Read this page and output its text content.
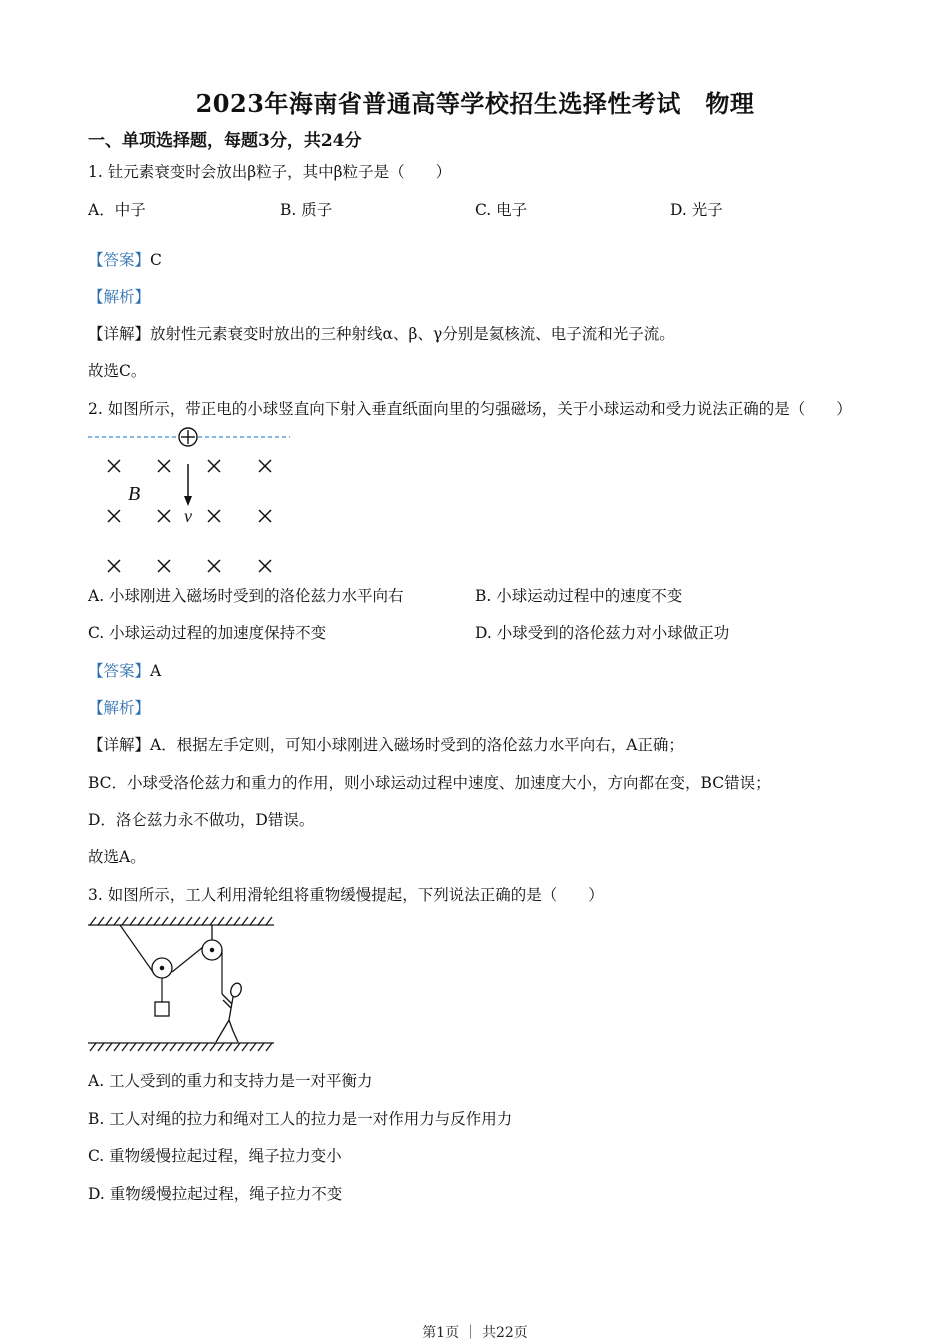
2023年海南省普通高等学校招生选择性考试　物理
一、单项选择题，每题3分，共24分
1. 钍元素衰变时会放出β粒子，其中β粒子是（　　）
A．中子	B. 质子	C. 电子	D. 光子
【答案】C
【解析】
【详解】放射性元素衰变时放出的三种射线α、β、γ分别是氦核流、电子流和光子流。
故选C。
2. 如图所示，带正电的小球竖直向下射入垂直纸面向里的匀强磁场，关于小球运动和受力说法正确的是（　　）
B
v
A. 小球刚进入磁场时受到的洛伦兹力水平向右	B. 小球运动过程中的速度不变
C. 小球运动过程的加速度保持不变	D. 小球受到的洛伦兹力对小球做正功
【答案】A
【解析】
【详解】A．根据左手定则，可知小球刚进入磁场时受到的洛伦兹力水平向右，A正确；
BC．小球受洛伦兹力和重力的作用，则小球运动过程中速度、加速度大小，方向都在变，BC错误；
D．洛仑兹力永不做功，D错误。
故选A。
3. 如图所示，工人利用滑轮组将重物缓慢提起，下列说法正确的是（　　）
A. 工人受到的重力和支持力是一对平衡力
B. 工人对绳的拉力和绳对工人的拉力是一对作用力与反作用力
C. 重物缓慢拉起过程，绳子拉力变小
D. 重物缓慢拉起过程，绳子拉力不变
第1页 ｜ 共22页
